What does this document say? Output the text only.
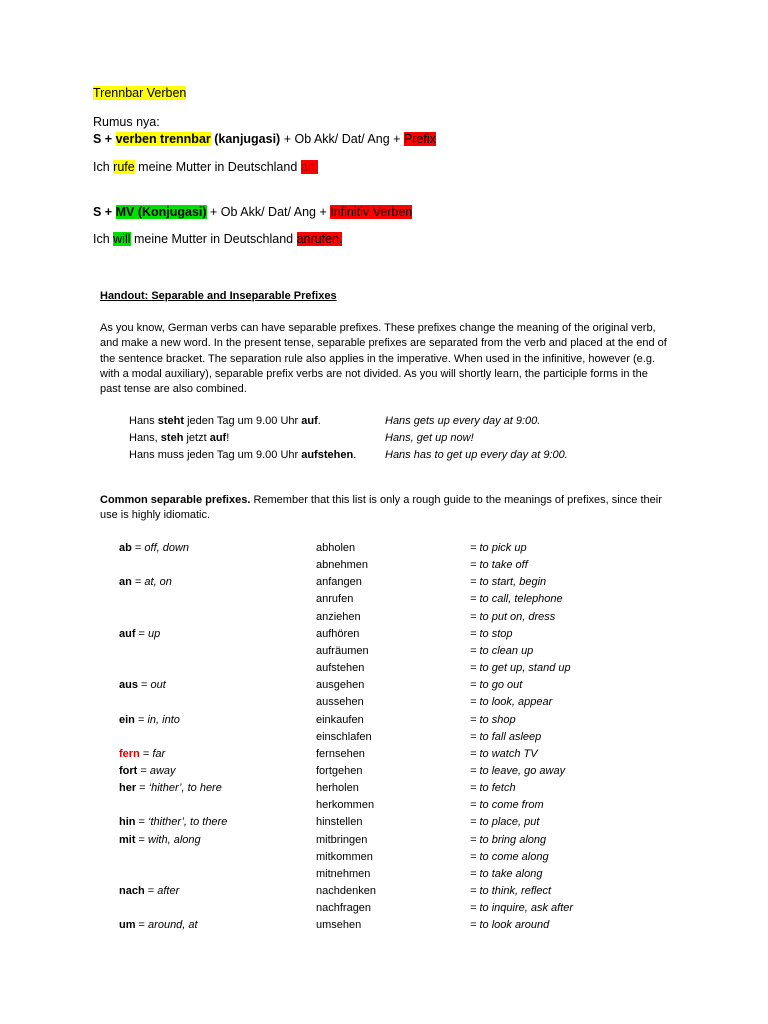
Trennbar Verben
Rumus nya:
S + verben trennbar (kanjugasi) + Ob Akk/ Dat/ Ang + Prefix
Ich rufe meine Mutter in Deutschland an.
S + MV (Konjugasi) + Ob Akk/ Dat/ Ang + Infinitiv Verben
Ich will meine Mutter in Deutschland anrufen.
Handout: Separable and Inseparable Prefixes
As you know, German verbs can have separable prefixes. These prefixes change the meaning of the original verb, and make a new word. In the present tense, separable prefixes are separated from the verb and placed at the end of the sentence bracket. The separation rule also applies in the imperative. When used in the infinitive, however (e.g. with a modal auxiliary), separable prefix verbs are not divided. As you will shortly learn, the participle forms in the past tense are also combined.
Hans steht jeden Tag um 9.00 Uhr auf.	Hans gets up every day at 9:00.
Hans, steh jetzt auf!	Hans, get up now!
Hans muss jeden Tag um 9.00 Uhr aufstehen.	Hans has to get up every day at 9:00.
Common separable prefixes. Remember that this list is only a rough guide to the meanings of prefixes, since their use is highly idiomatic.
ab = off, down	abholen	= to pick up
abnehmen	= to take off
an = at, on	anfangen	= to start, begin
anrufen	= to call, telephone
anziehen	= to put on, dress
auf = up	aufhören	= to stop
aufräumen	= to clean up
aufstehen	= to get up, stand up
aus = out	ausgehen	= to go out
aussehen	= to look, appear
ein = in, into	einkaufen	= to shop
einschlafen	= to fall asleep
fern = far	fernsehen	= to watch TV
fort = away	fortgehen	= to leave, go away
her = ‘hither’, to here	herholen	= to fetch
herkommen	= to come from
hin = ‘thither’, to there	hinstellen	= to place, put
mit = with, along	mitbringen	= to bring along
mitkommen	= to come along
mitnehmen	= to take along
nach = after	nachdenken	= to think, reflect
nachfragen	= to inquire, ask after
um = around, at	umsehen	= to look around
